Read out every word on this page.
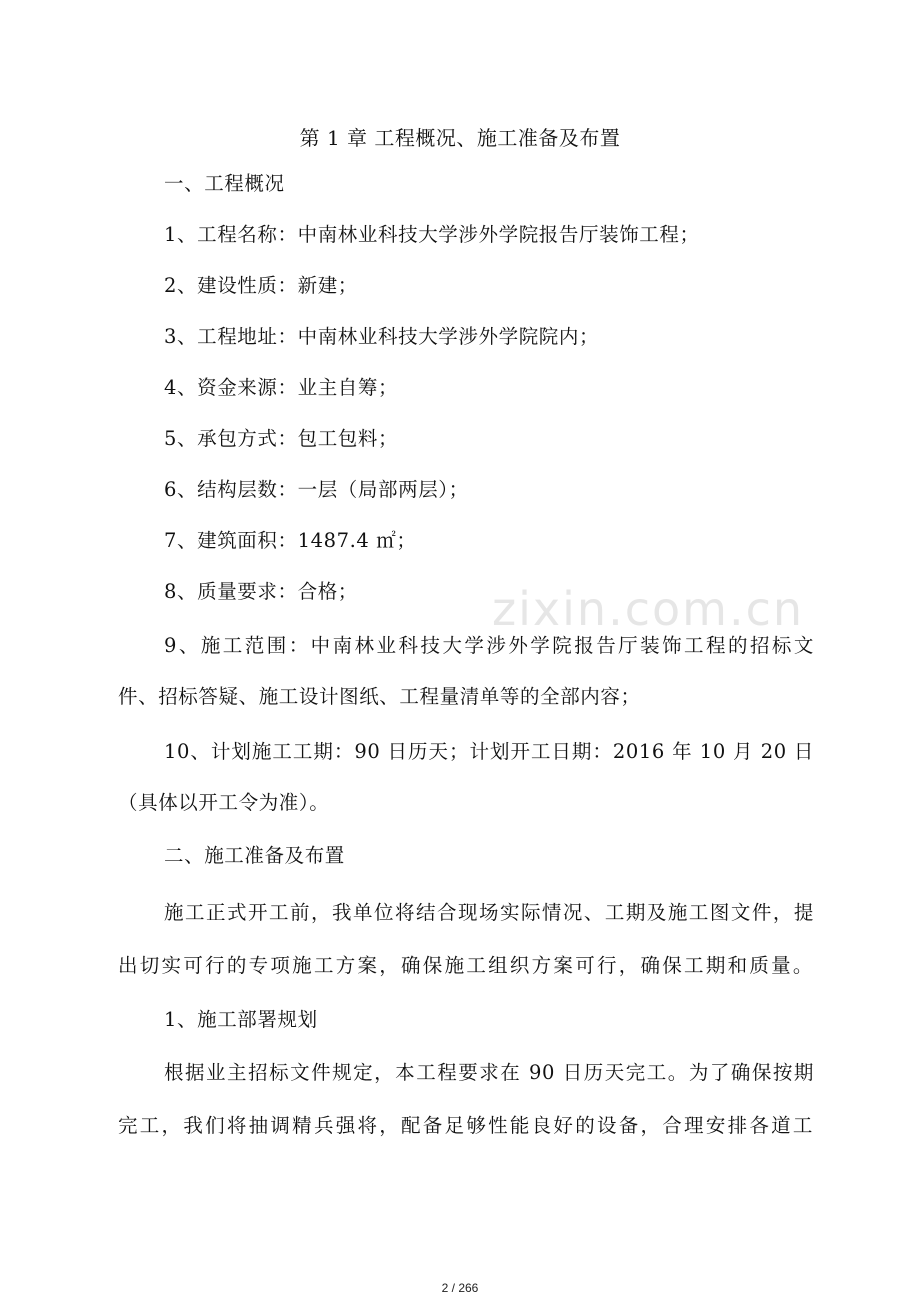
第 1 章 工程概况、施工准备及布置
一、工程概况
1、工程名称：中南林业科技大学涉外学院报告厅装饰工程；
2、建设性质：新建；
3、工程地址：中南林业科技大学涉外学院院内；
4、资金来源：业主自筹；
5、承包方式：包工包料；
6、结构层数：一层（局部两层）；
7、建筑面积：1487.4 ㎡；
8、质量要求：合格；
9、施工范围：中南林业科技大学涉外学院报告厅装饰工程的招标文
件、招标答疑、施工设计图纸、工程量清单等的全部内容；
10、计划施工工期：90 日历天；计划开工日期：2016 年 10 月 20 日
（具体以开工令为准）。
二、施工准备及布置
施工正式开工前，我单位将结合现场实际情况、工期及施工图文件，提
出切实可行的专项施工方案，确保施工组织方案可行，确保工期和质量。
1、施工部署规划
根据业主招标文件规定，本工程要求在 90 日历天完工。为了确保按期
完工，我们将抽调精兵强将，配备足够性能良好的设备，合理安排各道工
zixin.com.cn
2 / 266
